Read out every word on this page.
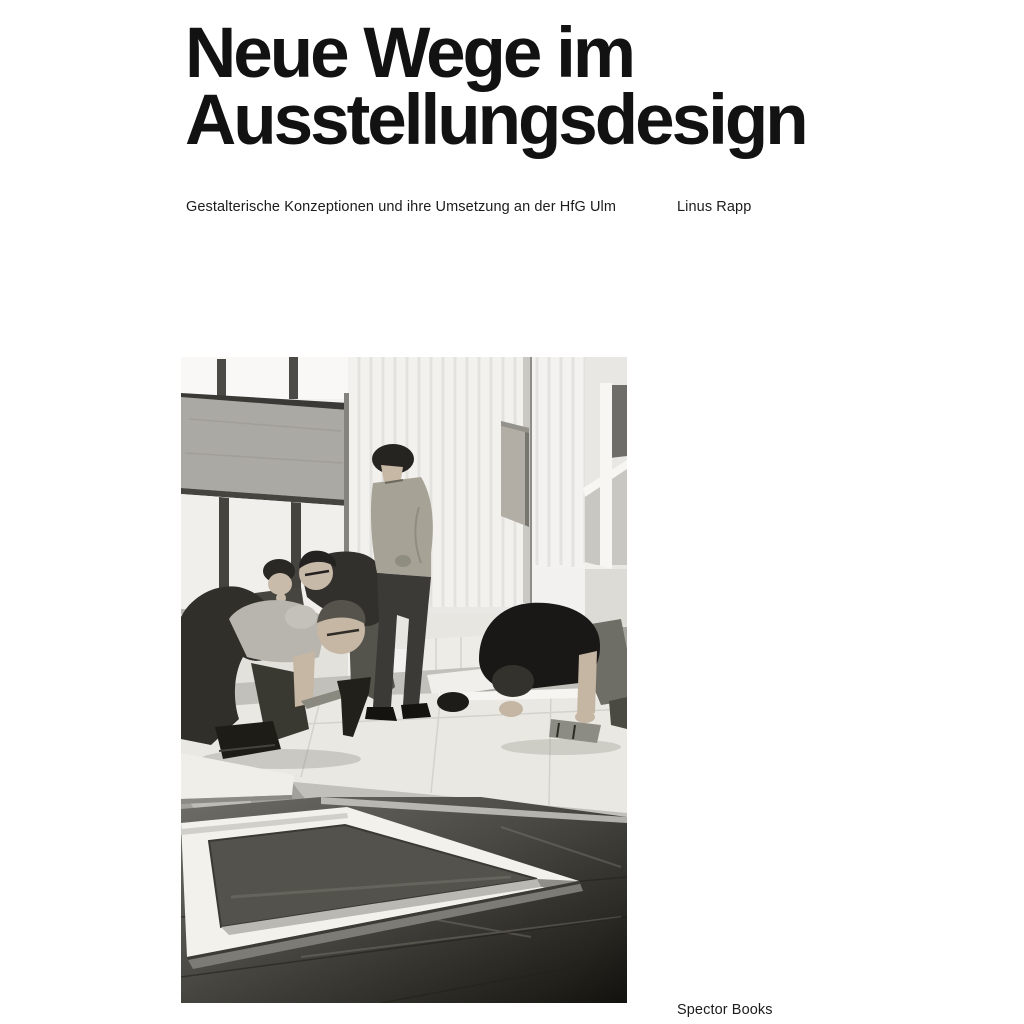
Neue Wege im
Ausstellungsdesign
Gestalterische Konzeptionen und ihre Umsetzung an der HfG Ulm	Linus Rapp
Spector Books
